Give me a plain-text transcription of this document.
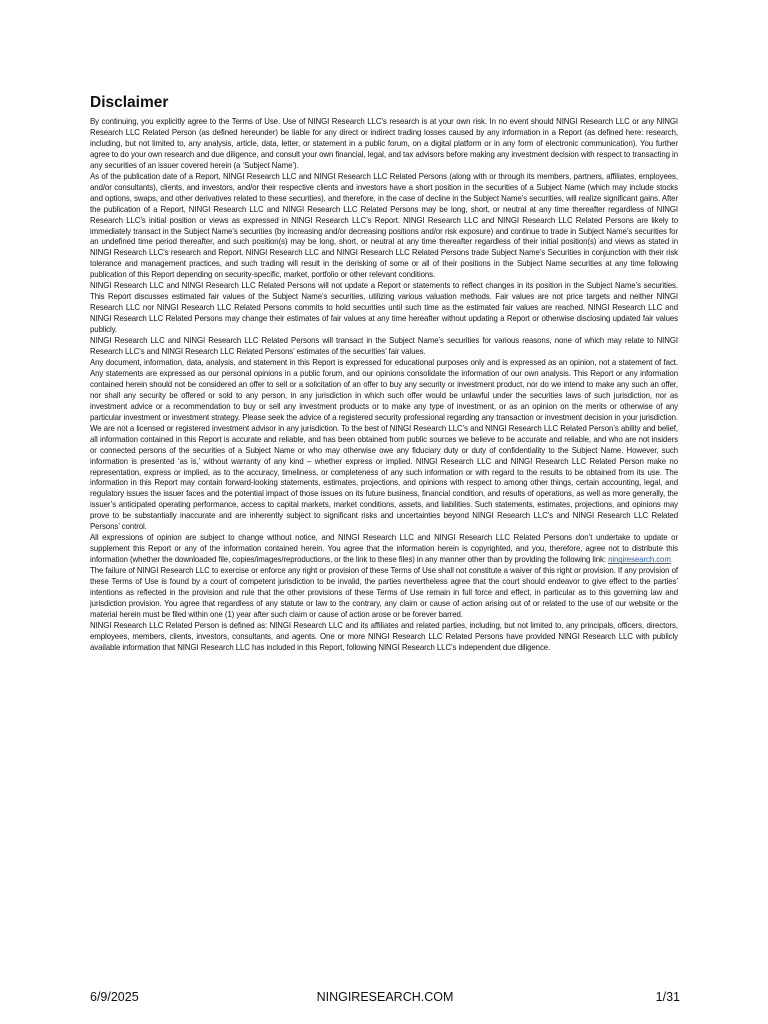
Disclaimer

By continuing, you explicitly agree to the Terms of Use. Use of NINGI Research LLC’s research is at your own risk. In no event should NINGI Research LLC or any NINGI Research LLC Related Person (as defined hereunder) be liable for any direct or indirect trading losses caused by any information in a Report (as defined here: research, including, but not limited to, any analysis, article, data, letter, or statement in a public forum, on a digital platform or in any form of electronic communication). You further agree to do your own research and due diligence, and consult your own financial, legal, and tax advisors before making any investment decision with respect to transacting in any securities of an issuer covered herein (a ‘Subject Name’).

As of the publication date of a Report, NINGI Research LLC and NINGI Research LLC Related Persons (along with or through its members, partners, affiliates, employees, and/or consultants), clients, and investors, and/or their respective clients and investors have a short position in the securities of a Subject Name (which may include stocks and options, swaps, and other derivatives related to these securities), and therefore, in the case of decline in the Subject Name’s securities, will realize significant gains. After the publication of a Report, NINGI Research LLC and NINGI Research LLC Related Persons may be long, short, or neutral at any time thereafter regardless of NINGI Research LLC’s initial position or views as expressed in NINGI Research LLC’s Report. NINGI Research LLC and NINGI Research LLC Related Persons are likely to immediately transact in the Subject Name’s securities (by increasing and/or decreasing positions and/or risk exposure) and continue to trade in Subject Name’s securities for an undefined time period thereafter, and such position(s) may be long, short, or neutral at any time thereafter regardless of their initial position(s) and views as stated in NINGI Research LLC’s research and Report. NINGI Research LLC and NINGI Research LLC Related Persons trade Subject Name’s Securities in conjunction with their risk tolerance and management practices, and such trading will result in the derisking of some or all of their positions in the Subject Name securities at any time following publication of this Report depending on security-specific, market, portfolio or other relevant conditions.

NINGI Research LLC and NINGI Research LLC Related Persons will not update a Report or statements to reflect changes in its position in the Subject Name’s securities. This Report discusses estimated fair values of the Subject Name’s securities, utilizing various valuation methods. Fair values are not price targets and neither NINGI Research LLC nor NINGI Research LLC Related Persons commits to hold securities until such time as the estimated fair values are reached. NINGI Research LLC and NINGI Research LLC Related Persons may change their estimates of fair values at any time hereafter without updating a Report or otherwise disclosing updated fair values publicly.

NINGI Research LLC and NINGI Research LLC Related Persons will transact in the Subject Name’s securities for various reasons, none of which may relate to NINGI Research LLC’s and NINGI Research LLC Related Persons’ estimates of the securities’ fair values.

Any document, information, data, analysis, and statement in this Report is expressed for educational purposes only and is expressed as an opinion, not a statement of fact. Any statements are expressed as our personal opinions in a public forum, and our opinions consolidate the information of our own analysis. This Report or any information contained herein should not be considered an offer to sell or a solicitation of an offer to buy any security or investment product, nor do we intend to make any such an offer, nor shall any security be offered or sold to any person, in any jurisdiction in which such offer would be unlawful under the securities laws of such jurisdiction, nor as investment advice or a recommendation to buy or sell any investment products or to make any type of investment, or as an opinion on the merits or otherwise of any particular investment or investment strategy. Please seek the advice of a registered security professional regarding any transaction or investment decision in your jurisdiction. We are not a licensed or registered investment advisor in any jurisdiction. To the best of NINGI Research LLC’s and NINGI Research LLC Related Person’s ability and belief, all information contained in this Report is accurate and reliable, and has been obtained from public sources we believe to be accurate and reliable, and who are not insiders or connected persons of the securities of a Subject Name or who may otherwise owe any fiduciary duty or duty of confidentiality to the Subject Name. However, such information is presented ‘as is,’ without warranty of any kind – whether express or implied. NINGI Research LLC and NINGI Research LLC Related Person make no representation, express or implied, as to the accuracy, timeliness, or completeness of any such information or with regard to the results to be obtained from its use. The information in this Report may contain forward-looking statements, estimates, projections, and opinions with respect to among other things, certain accounting, legal, and regulatory issues the issuer faces and the potential impact of those issues on its future business, financial condition, and results of operations, as well as more generally, the issuer’s anticipated operating performance, access to capital markets, market conditions, assets, and liabilities. Such statements, estimates, projections, and opinions may prove to be substantially inaccurate and are inherently subject to significant risks and uncertainties beyond NINGI Research LLC’s and NINGI Research LLC Related Persons’ control.

All expressions of opinion are subject to change without notice, and NINGI Research LLC and NINGI Research LLC Related Persons don’t undertake to update or supplement this Report or any of the information contained herein. You agree that the information herein is copyrighted, and you, therefore, agree not to distribute this information (whether the downloaded file, copies/images/reproductions, or the link to these files) in any manner other than by providing the following link: ningiresearch.com

The failure of NINGI Research LLC to exercise or enforce any right or provision of these Terms of Use shall not constitute a waiver of this right or provision. If any provision of these Terms of Use is found by a court of competent jurisdiction to be invalid, the parties nevertheless agree that the court should endeavor to give effect to the parties’ intentions as reflected in the provision and rule that the other provisions of these Terms of Use remain in full force and effect, in particular as to this governing law and jurisdiction provision. You agree that regardless of any statute or law to the contrary, any claim or cause of action arising out of or related to the use of our website or the material herein must be filed within one (1) year after such claim or cause of action arose or be forever barred.

NINGI Research LLC Related Person is defined as: NINGI Research LLC and its affiliates and related parties, including, but not limited to, any principals, officers, directors, employees, members, clients, investors, consultants, and agents. One or more NINGI Research LLC Related Persons have provided NINGI Research LLC with publicly available information that NINGI Research LLC has included in this Report, following NINGI Research LLC’s independent due diligence.

6/9/2025	NINGIRESEARCH.COM	1/31
